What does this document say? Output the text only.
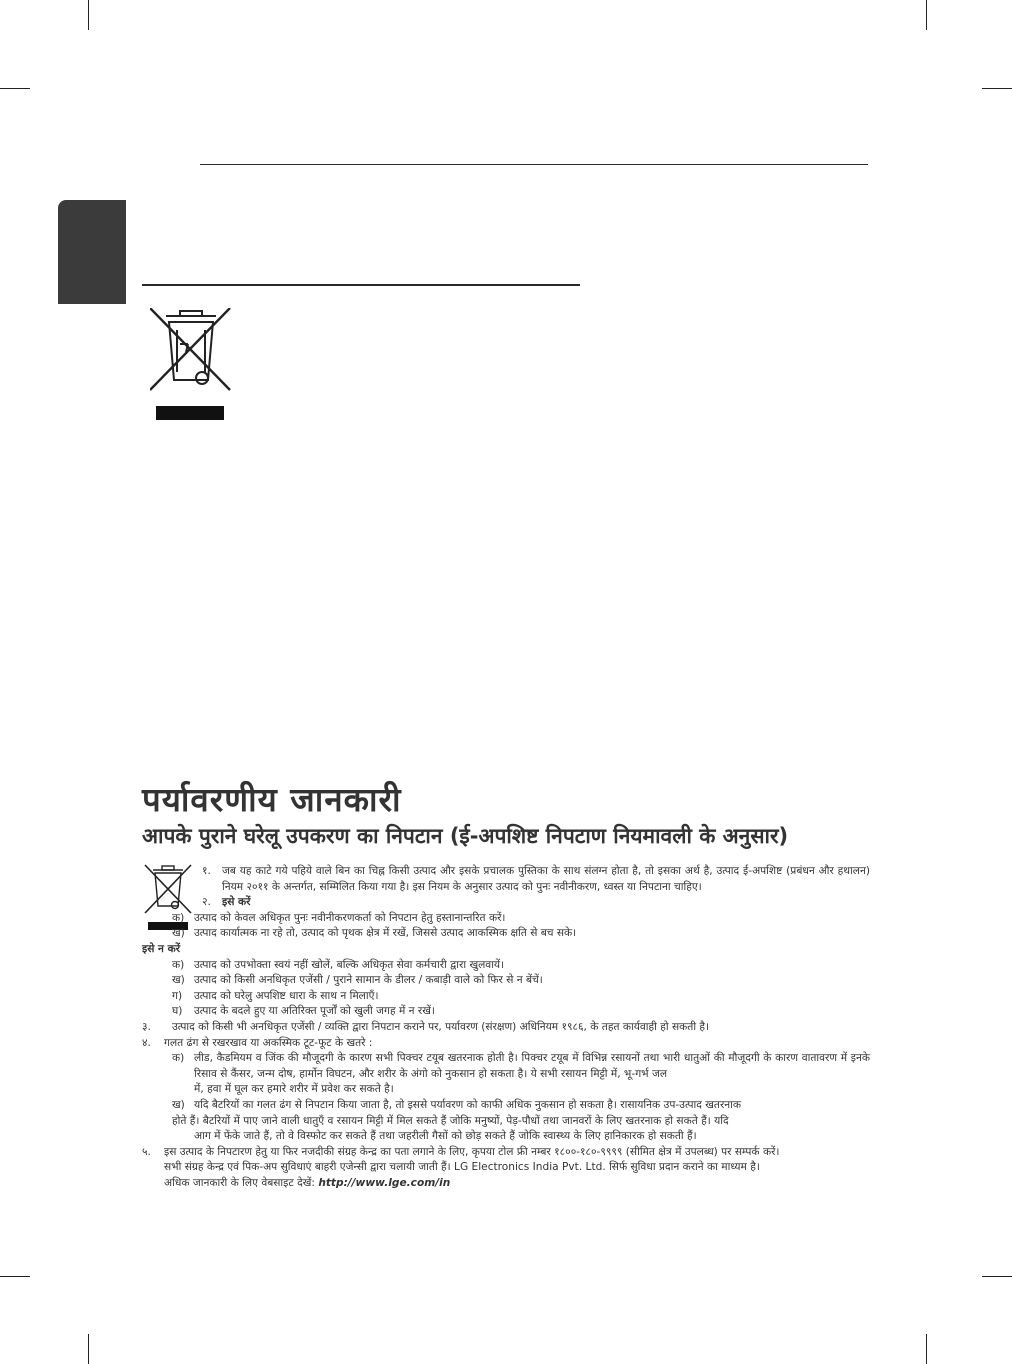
पर्यावरणीय जानकारी
आपके पुराने घरेलू उपकरण का निपटान (ई-अपशिष्ट निपटाण नियमावली के अनुसार)
१.	जब यह काटे गये पहिये वाले बिन का चिह्न किसी उत्पाद और इसके प्रचालक पुस्तिका के साथ संलग्न होता है, तो इसका अर्थ है, उत्पाद ई-अपशिष्ट (प्रबंधन और हथालन) नियम २०११ के अन्तर्गत, सम्मिलित किया गया है। इस नियम के अनुसार उत्पाद को पुनः नवीनीकरण, ध्वस्त या निपटाना चाहिए।
२. इसे करें
क) उत्पाद को केवल अधिकृत पुनः नवीनीकरणकर्ता को निपटान हेतु हस्तानान्तरित करें।
ख) उत्पाद कार्यात्मक ना रहे तो, उत्पाद को पृथक क्षेत्र में रखें, जिससे उत्पाद आकस्मिक क्षति से बच सके।
इसे न करें
क) उत्पाद को उपभोक्ता स्वयं नहीं खोलें, बल्कि अधिकृत सेवा कर्मचारी द्वारा खुलवायें।
ख) उत्पाद को किसी अनधिकृत एजेंसी / पुराने सामान के डीलर / कबाड़ी वाले को फिर से न बेंचें।
ग)	उत्पाद को घरेलु अपशिष्ट धारा के साथ न मिलाएँ।
घ)	उत्पाद के बदले हुए या अतिरिक्त पूर्जों को खुली जगह में न रखें।
३.	उत्पाद को किसी भी अनधिकृत एजेंसी / व्यक्ति द्वारा निपटान कराने पर, पर्यावरण (संरक्षण) अधिनियम १९८६, के तहत कार्यवाही हो सकती है।
४.	गलत ढंग से रखरखाव या अकस्मिक टूट-फूट के खतरे :
क) लीड, कैडमियम व जिंक की मौजूदगी के कारण सभी पिक्चर टयूब खतरनाक होती है। पिक्चर टयूब में विभिन्न रसायनों तथा भारी धातुओं की मौजूदगी के कारण वातावरण में इनके रिसाव से कैंसर, जन्म दोष, हार्मोन विघटन, और शरीर के अंगो को नुकसान हो सकता है। ये सभी रसायन मिट्टी में, भू-गर्भ जल
में, हवा में घूल कर हमारे शरीर में प्रवेश कर सकते है।
ख) यदि बैटरियों का गलत ढंग से निपटान किया जाता है, तो इससे पर्यावरण को काफी अधिक नुकसान हो सकता है। रासायनिक उप-उत्पाद खतरनाक
होते हैं। बैटरियों में पाए जाने वाली धातुएँ व रसायन मिट्टी में मिल सकते हैं जोकि मनुष्यों, पेड़-पौधों तथा जानवरों के लिए खतरनाक हो सकते हैं। यदि
आग में फेंके जाते हैं, तो वे विस्फोट कर सकते हैं तथा जहरीली गैसों को छोड़ सकते हैं जोकि स्वास्थ्य के लिए हानिकारक हो सकती हैं।
५.	इस उत्पाद के निपटारण हेतु या फिर नजदीकी संग्रह केन्द्र का पता लगाने के लिए, कृपया टोल फ्री नम्बर १८००-१८०-९९९९ (सीमित क्षेत्र में उपलब्ध) पर सम्पर्क करें।
सभी संग्रह केन्द्र एवं पिक-अप सुविधाएं बाहरी एजेन्सी द्वारा चलायी जाती हैं। LG Electronics India Pvt. Ltd. सिर्फ सुविधा प्रदान कराने का माध्यम है।
अधिक जानकारी के लिए वेबसाइट देखें: http://www.lge.com/in
